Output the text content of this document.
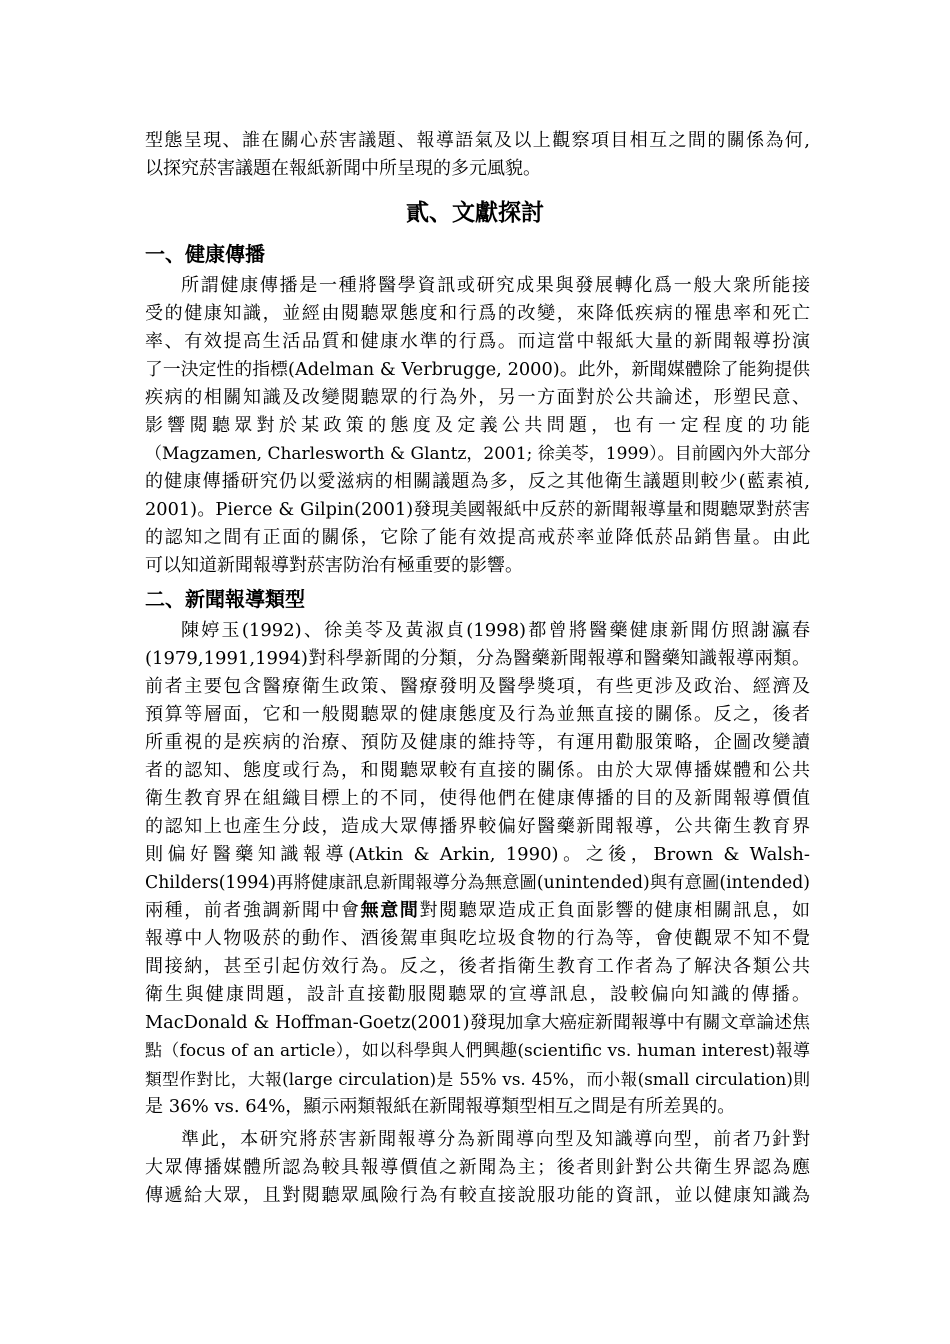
型態呈現、誰在關心菸害議題、報導語氣及以上觀察項目相互之間的關係為何,
以探究菸害議題在報紙新聞中所呈現的多元風貌。
貳、文獻探討
一、健康傳播
所謂健康傳播是一種將醫學資訊或研究成果與發展轉化爲一般大衆所能接
受的健康知識，並經由閱聽眾態度和行爲的改變，來降低疾病的罹患率和死亡
率、有效提高生活品質和健康水準的行爲。而這當中報紙大量的新聞報導扮演
了一決定性的指標(Adelman & Verbrugge, 2000)。此外，新聞媒體除了能夠提供
疾病的相關知識及改變閱聽眾的行為外，另一方面對於公共論述，形塑民意、
影響閱聽眾對於某政策的態度及定義公共問題，也有一定程度的功能
（Magzamen, Charlesworth & Glantz，2001; 徐美苓，1999）。目前國內外大部分
的健康傳播研究仍以愛滋病的相關議題為多，反之其他衛生議題則較少(藍素禎,
2001)。Pierce & Gilpin(2001)發現美國報紙中反菸的新聞報導量和閱聽眾對菸害
的認知之間有正面的關係，它除了能有效提高戒菸率並降低菸品銷售量。由此
可以知道新聞報導對菸害防治有極重要的影響。
二、新聞報導類型
陳婷玉(1992)、徐美苓及黃淑貞(1998)都曾將醫藥健康新聞仿照謝瀛春
(1979,1991,1994)對科學新聞的分類，分為醫藥新聞報導和醫藥知識報導兩類。
前者主要包含醫療衛生政策、醫療發明及醫學獎項，有些更涉及政治、經濟及
預算等層面，它和一般閱聽眾的健康態度及行為並無直接的關係。反之，後者
所重視的是疾病的治療、預防及健康的維持等，有運用勸服策略，企圖改變讀
者的認知、態度或行為，和閱聽眾較有直接的關係。由於大眾傳播媒體和公共
衛生教育界在組織目標上的不同，使得他們在健康傳播的目的及新聞報導價值
的認知上也產生分歧，造成大眾傳播界較偏好醫藥新聞報導，公共衛生教育界
則偏好醫藥知識報導(Atkin & Arkin, 1990)。之後，Brown & Walsh-
Childers(1994)再將健康訊息新聞報導分為無意圖(unintended)與有意圖(intended)
兩種，前者強調新聞中會無意間對閱聽眾造成正負面影響的健康相關訊息，如
報導中人物吸菸的動作、酒後駕車與吃垃圾食物的行為等，會使觀眾不知不覺
間接納，甚至引起仿效行為。反之，後者指衛生教育工作者為了解決各類公共
衛生與健康問題，設計直接勸服閱聽眾的宣導訊息，設較偏向知識的傳播。
MacDonald & Hoffman-Goetz(2001)發現加拿大癌症新聞報導中有關文章論述焦
點（focus of an article），如以科學與人們興趣(scientific vs. human interest)報導
類型作對比，大報(large circulation)是 55% vs. 45%，而小報(small circulation)則
是 36% vs. 64%，顯示兩類報紙在新聞報導類型相互之間是有所差異的。
準此，本研究將菸害新聞報導分為新聞導向型及知識導向型，前者乃針對
大眾傳播媒體所認為較具報導價值之新聞為主；後者則針對公共衛生界認為應
傳遞給大眾，且對閱聽眾風險行為有較直接說服功能的資訊，並以健康知識為
